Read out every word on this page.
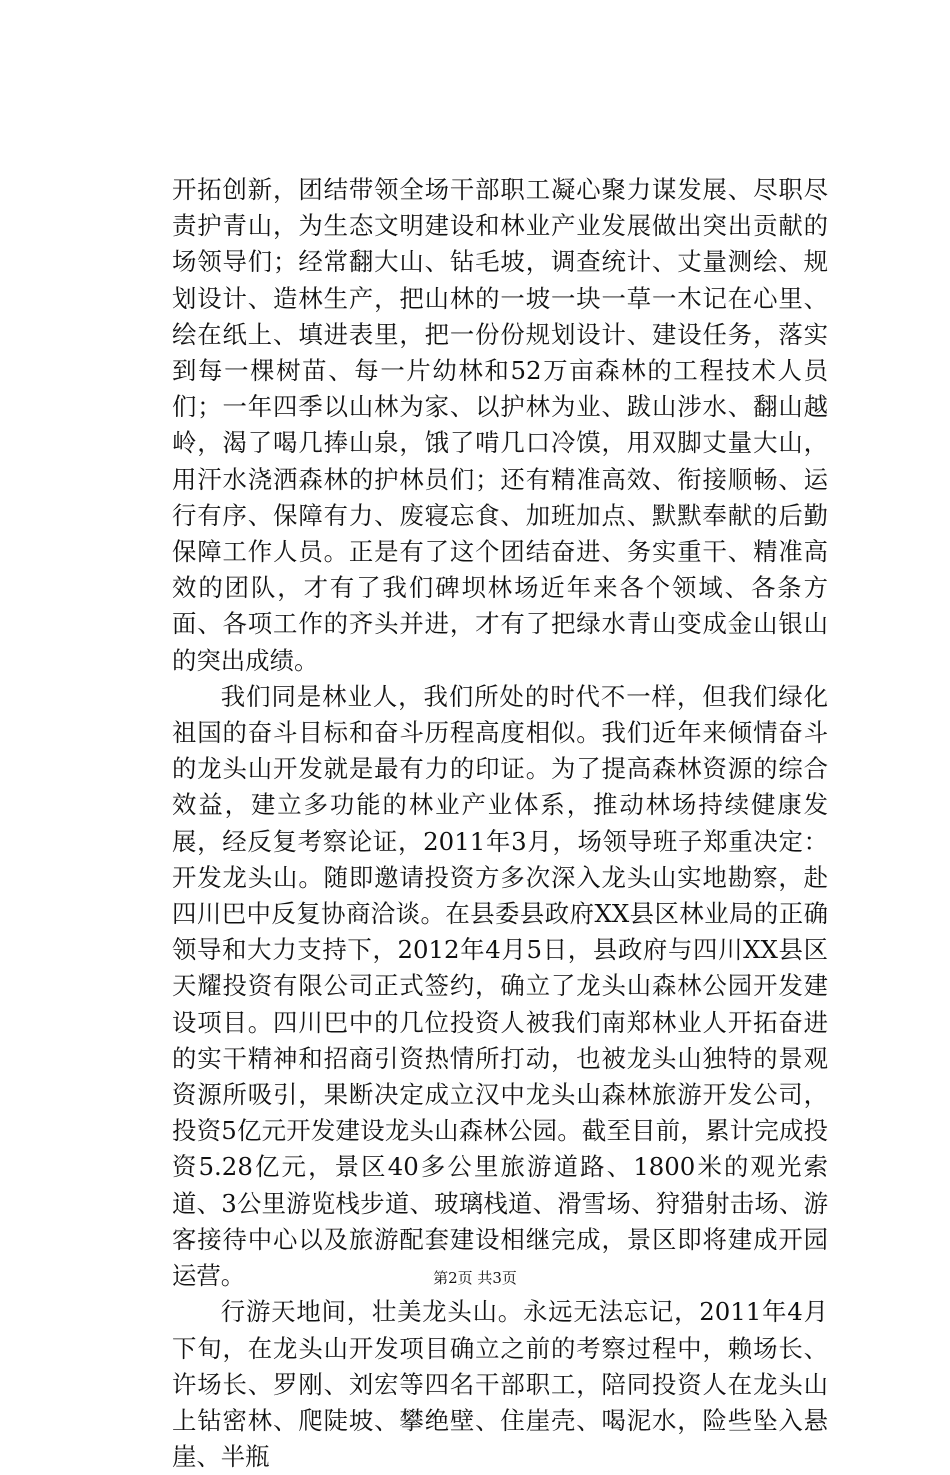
开拓创新，团结带领全场干部职工凝心聚力谋发展、尽职尽责护青山，为生态文明建设和林业产业发展做出突出贡献的场领导们；经常翻大山、钻毛坡，调查统计、丈量测绘、规划设计、造林生产，把山林的一坡一块一草一木记在心里、绘在纸上、填进表里，把一份份规划设计、建设任务，落实到每一棵树苗、每一片幼林和52万亩森林的工程技术人员们；一年四季以山林为家、以护林为业、跋山涉水、翻山越岭，渴了喝几捧山泉，饿了啃几口冷馍，用双脚丈量大山，用汗水浇洒森林的护林员们；还有精准高效、衔接顺畅、运行有序、保障有力、废寝忘食、加班加点、默默奉献的后勤保障工作人员。正是有了这个团结奋进、务实重干、精准高效的团队，才有了我们碑坝林场近年来各个领域、各条方面、各项工作的齐头并进，才有了把绿水青山变成金山银山的突出成绩。

我们同是林业人，我们所处的时代不一样，但我们绿化祖国的奋斗目标和奋斗历程高度相似。我们近年来倾情奋斗的龙头山开发就是最有力的印证。为了提高森林资源的综合效益，建立多功能的林业产业体系，推动林场持续健康发展，经反复考察论证，2011年3月，场领导班子郑重决定：开发龙头山。随即邀请投资方多次深入龙头山实地勘察，赴四川巴中反复协商洽谈。在县委县政府XX县区林业局的正确领导和大力支持下，2012年4月5日，县政府与四川XX县区天耀投资有限公司正式签约，确立了龙头山森林公园开发建设项目。四川巴中的几位投资人被我们南郑林业人开拓奋进的实干精神和招商引资热情所打动，也被龙头山独特的景观资源所吸引，果断决定成立汉中龙头山森林旅游开发公司，投资5亿元开发建设龙头山森林公园。截至目前，累计完成投资5.28亿元，景区40多公里旅游道路、1800米的观光索道、3公里游览栈步道、玻璃栈道、滑雪场、狩猎射击场、游客接待中心以及旅游配套建设相继完成，景区即将建成开园运营。

行游天地间，壮美龙头山。永远无法忘记，2011年4月下旬，在龙头山开发项目确立之前的考察过程中，赖场长、许场长、罗刚、刘宏等四名干部职工，陪同投资人在龙头山上钻密林、爬陡坡、攀绝壁、住崖壳、喝泥水，险些坠入悬崖、半瓶

第2页 共3页
